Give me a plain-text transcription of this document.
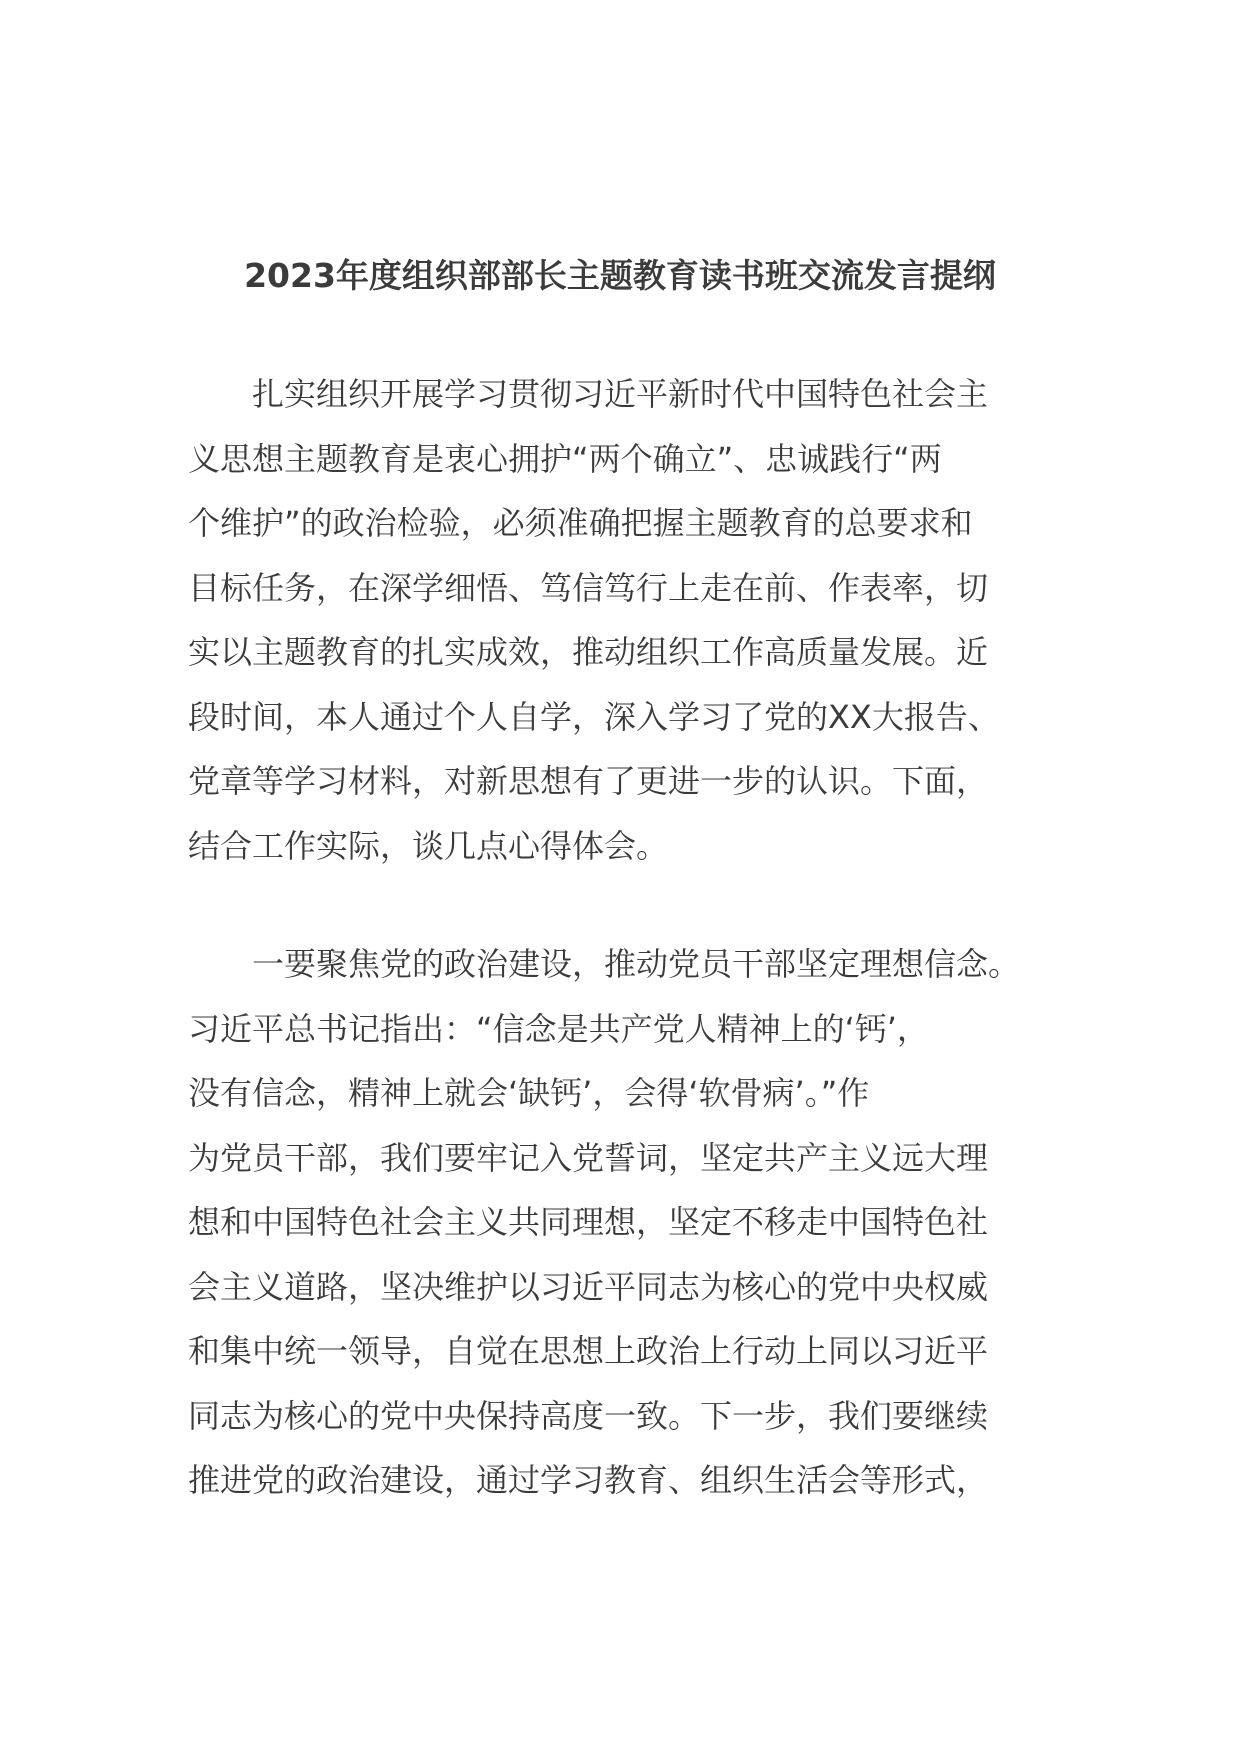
2023年度组织部部长主题教育读书班交流发言提纲
　　扎实组织开展学习贯彻习近平新时代中国特色社会主
义思想主题教育是衷心拥护“两个确立”、忠诚践行“两
个维护”的政治检验，必须准确把握主题教育的总要求和
目标任务，在深学细悟、笃信笃行上走在前、作表率，切
实以主题教育的扎实成效，推动组织工作高质量发展。近
段时间，本人通过个人自学，深入学习了党的XX大报告、
党章等学习材料，对新思想有了更进一步的认识。下面，
结合工作实际，谈几点心得体会。
　　一要聚焦党的政治建设，推动党员干部坚定理想信念。
习近平总书记指出：“信念是共产党人精神上的‘钙’，
没有信念，精神上就会‘缺钙’，会得‘软骨病’。”作
为党员干部，我们要牢记入党誓词，坚定共产主义远大理
想和中国特色社会主义共同理想，坚定不移走中国特色社
会主义道路，坚决维护以习近平同志为核心的党中央权威
和集中统一领导，自觉在思想上政治上行动上同以习近平
同志为核心的党中央保持高度一致。下一步，我们要继续
推进党的政治建设，通过学习教育、组织生活会等形式，
